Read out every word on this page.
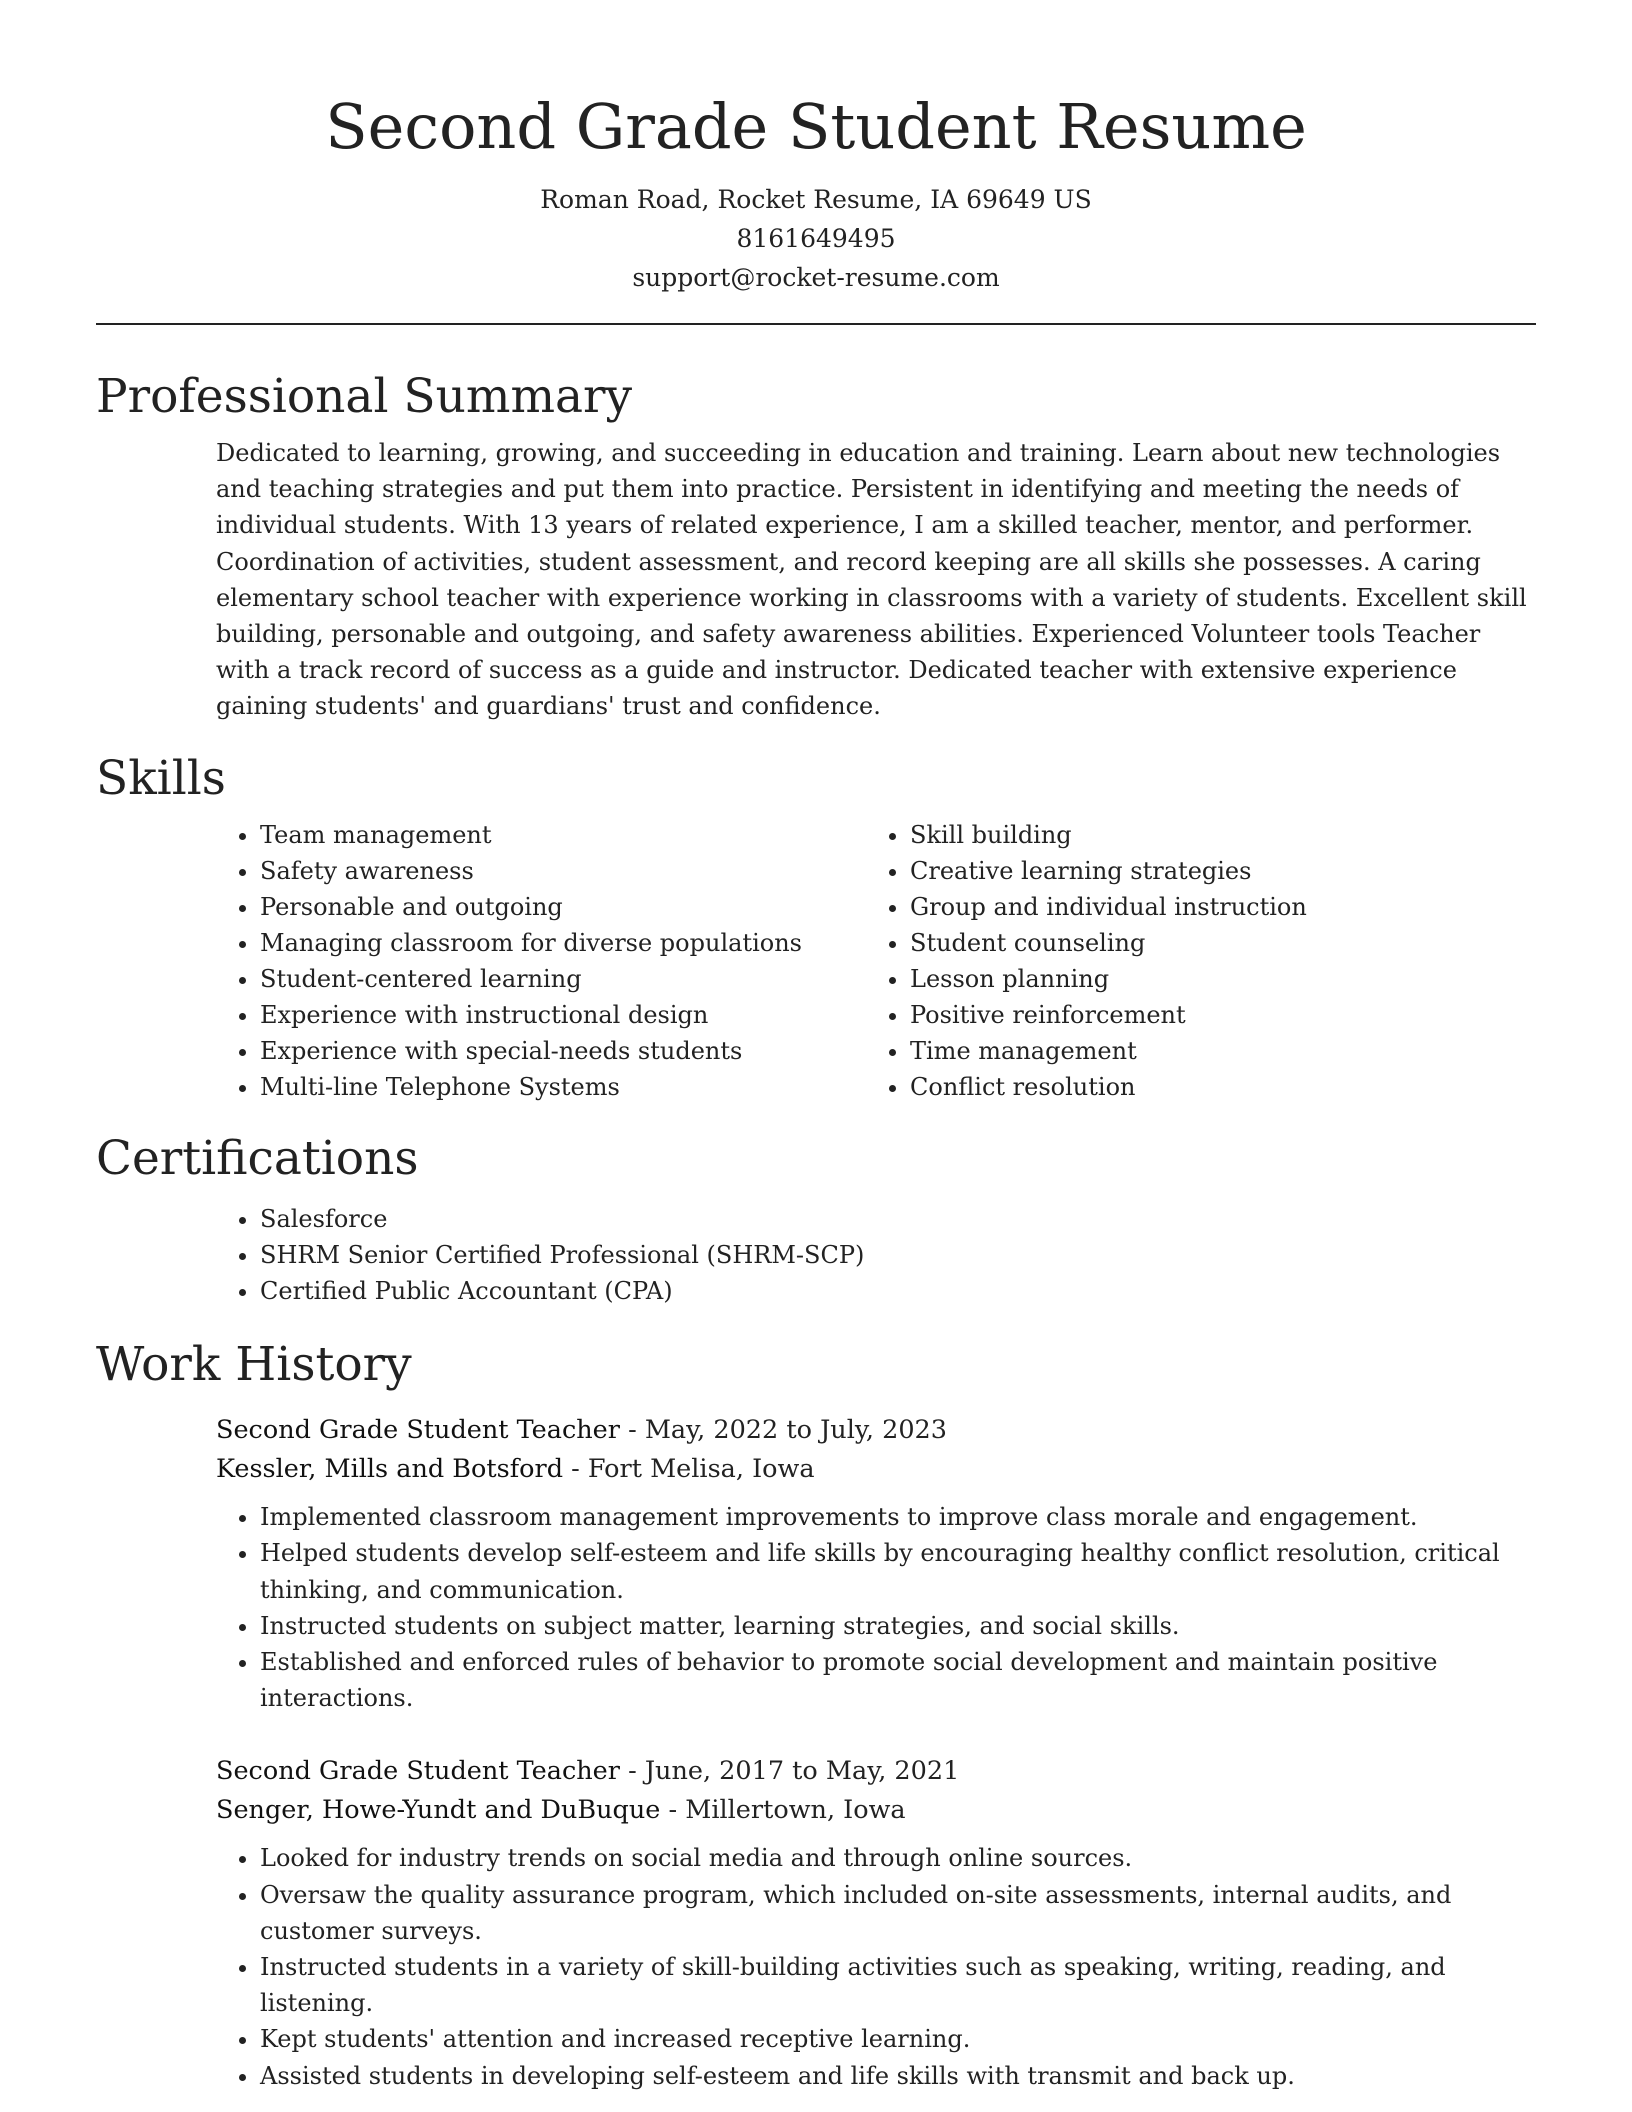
Second Grade Student Resume
Roman Road, Rocket Resume, IA 69649 US
8161649495
support@rocket-resume.com
Professional Summary
Dedicated to learning, growing, and succeeding in education and training. Learn about new technologies and teaching strategies and put them into practice. Persistent in identifying and meeting the needs of individual students. With 13 years of related experience, I am a skilled teacher, mentor, and performer. Coordination of activities, student assessment, and record keeping are all skills she possesses. A caring elementary school teacher with experience working in classrooms with a variety of students. Excellent skill building, personable and outgoing, and safety awareness abilities. Experienced Volunteer tools Teacher with a track record of success as a guide and instructor. Dedicated teacher with extensive experience gaining students' and guardians' trust and confidence.
Skills
• Team management
• Safety awareness
• Personable and outgoing
• Managing classroom for diverse populations
• Student-centered learning
• Experience with instructional design
• Experience with special-needs students
• Multi-line Telephone Systems
• Skill building
• Creative learning strategies
• Group and individual instruction
• Student counseling
• Lesson planning
• Positive reinforcement
• Time management
• Conflict resolution
Certifications
• Salesforce
• SHRM Senior Certified Professional (SHRM-SCP)
• Certified Public Accountant (CPA)
Work History
Second Grade Student Teacher - May, 2022 to July, 2023
Kessler, Mills and Botsford - Fort Melisa, Iowa
• Implemented classroom management improvements to improve class morale and engagement.
• Helped students develop self-esteem and life skills by encouraging healthy conflict resolution, critical thinking, and communication.
• Instructed students on subject matter, learning strategies, and social skills.
• Established and enforced rules of behavior to promote social development and maintain positive interactions.
Second Grade Student Teacher - June, 2017 to May, 2021
Senger, Howe-Yundt and DuBuque - Millertown, Iowa
• Looked for industry trends on social media and through online sources.
• Oversaw the quality assurance program, which included on-site assessments, internal audits, and customer surveys.
• Instructed students in a variety of skill-building activities such as speaking, writing, reading, and listening.
• Kept students' attention and increased receptive learning.
• Assisted students in developing self-esteem and life skills with transmit and back up.
